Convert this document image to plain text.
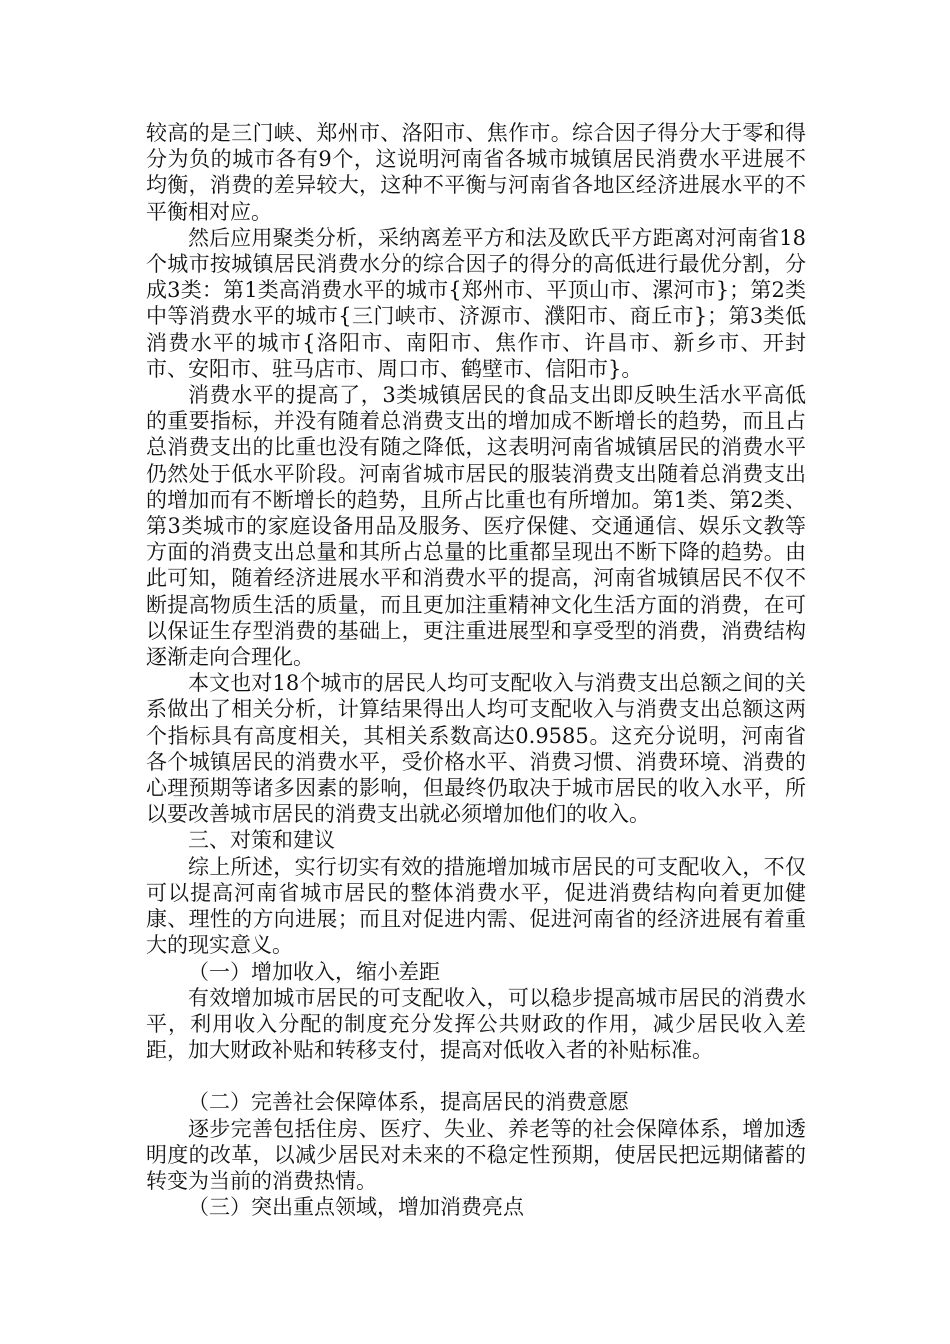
较高的是三门峡、郑州市、洛阳市、焦作市。综合因子得分大于零和得分为负的城市各有9个，这说明河南省各城市城镇居民消费水平进展不均衡，消费的差异较大，这种不平衡与河南省各地区经济进展水平的不平衡相对应。

然后应用聚类分析，采纳离差平方和法及欧氏平方距离对河南省18个城市按城镇居民消费水分的综合因子的得分的高低进行最优分割，分成3类：第1类高消费水平的城市{郑州市、平顶山市、漯河市}；第2类中等消费水平的城市{三门峡市、济源市、濮阳市、商丘市}；第3类低消费水平的城市{洛阳市、南阳市、焦作市、许昌市、新乡市、开封市、安阳市、驻马店市、周口市、鹤壁市、信阳市}。

消费水平的提高了，3类城镇居民的食品支出即反映生活水平高低的重要指标，并没有随着总消费支出的增加成不断增长的趋势，而且占总消费支出的比重也没有随之降低，这表明河南省城镇居民的消费水平仍然处于低水平阶段。河南省城市居民的服装消费支出随着总消费支出的增加而有不断增长的趋势，且所占比重也有所增加。第1类、第2类、第3类城市的家庭设备用品及服务、医疗保健、交通通信、娱乐文教等方面的消费支出总量和其所占总量的比重都呈现出不断下降的趋势。由此可知，随着经济进展水平和消费水平的提高，河南省城镇居民不仅不断提高物质生活的质量，而且更加注重精神文化生活方面的消费，在可以保证生存型消费的基础上，更注重进展型和享受型的消费，消费结构逐渐走向合理化。

本文也对18个城市的居民人均可支配收入与消费支出总额之间的关系做出了相关分析，计算结果得出人均可支配收入与消费支出总额这两个指标具有高度相关，其相关系数高达0.9585。这充分说明，河南省各个城镇居民的消费水平，受价格水平、消费习惯、消费环境、消费的心理预期等诸多因素的影响，但最终仍取决于城市居民的收入水平，所以要改善城市居民的消费支出就必须增加他们的收入。

三、对策和建议

综上所述，实行切实有效的措施增加城市居民的可支配收入，不仅可以提高河南省城市居民的整体消费水平，促进消费结构向着更加健康、理性的方向进展；而且对促进内需、促进河南省的经济进展有着重大的现实意义。

（一）增加收入，缩小差距

有效增加城市居民的可支配收入，可以稳步提高城市居民的消费水平，利用收入分配的制度充分发挥公共财政的作用，减少居民收入差距，加大财政补贴和转移支付，提高对低收入者的补贴标准。

（二）完善社会保障体系，提高居民的消费意愿

逐步完善包括住房、医疗、失业、养老等的社会保障体系，增加透明度的改革，以减少居民对未来的不稳定性预期，使居民把远期储蓄的转变为当前的消费热情。

（三）突出重点领域，增加消费亮点
